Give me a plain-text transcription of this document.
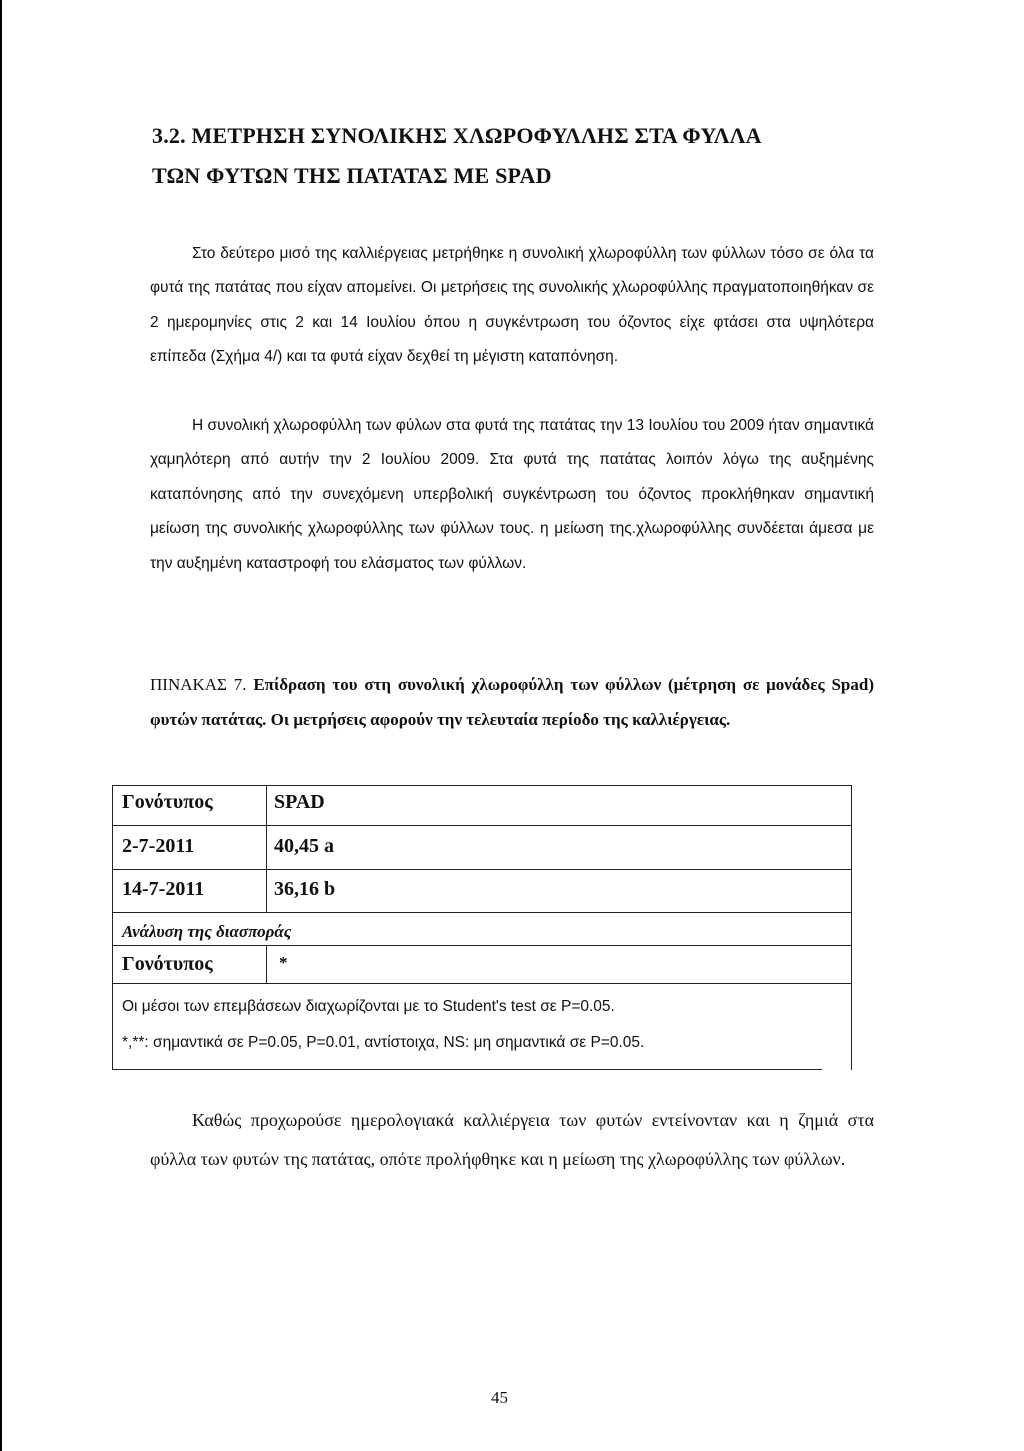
3.2. ΜΕΤΡΗΣΗ ΣΥΝΟΛΙΚΗΣ ΧΛΩΡΟΦΥΛΛΗΣ ΣΤΑ ΦΥΛΛΑ
ΤΩΝ ΦΥΤΩΝ ΤΗΣ ΠΑΤΑΤΑΣ ΜΕ SPAD

Στο δεύτερο μισό της καλλιέργειας μετρήθηκε η συνολική χλωροφύλλη των φύλλων τόσο σε όλα τα φυτά της πατάτας που είχαν απομείνει. Οι μετρήσεις της συνολικής χλωροφύλλης πραγματοποιηθήκαν σε 2 ημερομηνίες στις 2 και 14 Ιουλίου όπου η συγκέντρωση του όζοντος είχε φτάσει στα υψηλότερα επίπεδα (Σχήμα 4/) και τα φυτά είχαν δεχθεί τη μέγιστη καταπόνηση.

Η συνολική χλωροφύλλη των φύλων στα φυτά της πατάτας την 13 Ιουλίου του 2009 ήταν σημαντικά χαμηλότερη από αυτήν την 2 Ιουλίου 2009. Στα φυτά της πατάτας λοιπόν λόγω της αυξημένης καταπόνησης από την συνεχόμενη υπερβολική συγκέντρωση του όζοντος προκλήθηκαν σημαντική μείωση της συνολικής χλωροφύλλης των φύλλων τους. η μείωση της.χλωροφύλλης συνδέεται άμεσα με την αυξημένη καταστροφή του ελάσματος των φύλλων.

ΠΙΝΑΚΑΣ 7. Επίδραση του στη συνολική χλωροφύλλη των φύλλων (μέτρηση σε μονάδες Spad) φυτών πατάτας. Οι μετρήσεις αφορούν την τελευταία περίοδο της καλλιέργειας.

Γονότυπος	SPAD
2-7-2011	40,45 a
14-7-2011	36,16 b
Ανάλυση της διασποράς
Γονότυπος	*
Οι μέσοι των επεμβάσεων διαχωρίζονται με το Student's test σε P=0.05.
*,**: σημαντικά σε P=0.05, P=0.01, αντίστοιχα, NS: μη σημαντικά σε P=0.05.

Καθώς προχωρούσε ημερολογιακά καλλιέργεια των φυτών εντείνονταν και η ζημιά στα φύλλα των φυτών της πατάτας, οπότε προλήφθηκε και η μείωση της χλωροφύλλης των φύλλων.

45
